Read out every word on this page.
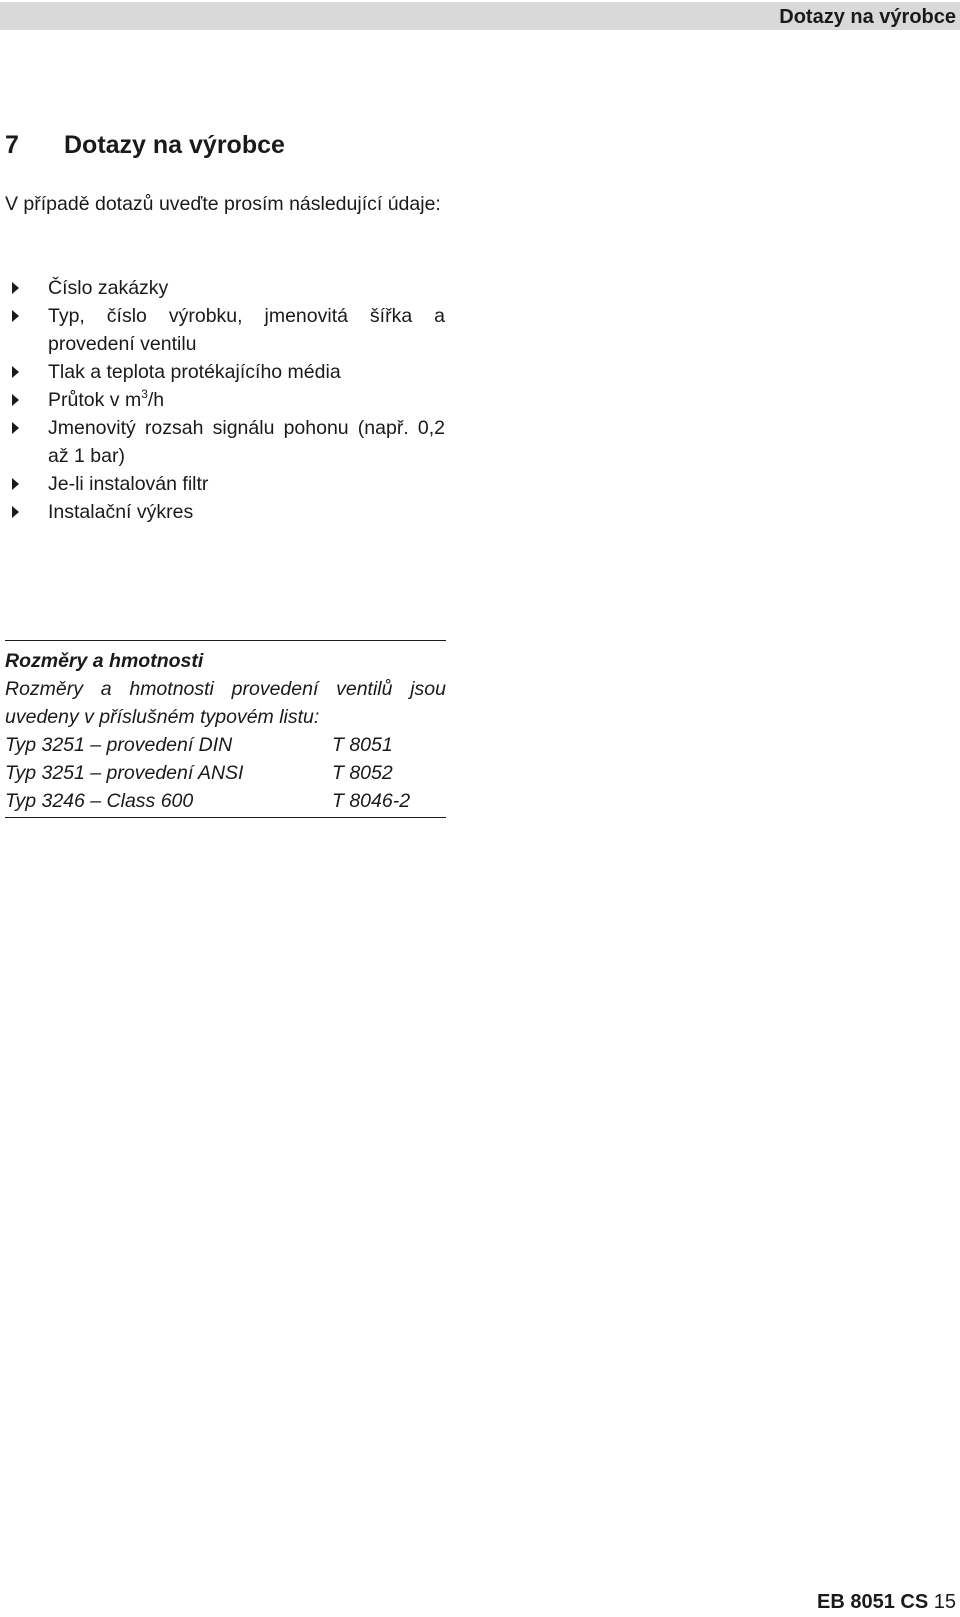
Dotazy na výrobce
7 Dotazy na výrobce

V případě dotazů uveďte prosím následující údaje:

Číslo zakázky
Typ, číslo výrobku, jmenovitá šířka a provedení ventilu
Tlak a teplota protékajícího média
Průtok v $m^3/h$
Jmenovitý rozsah signálu pohonu (např. 0,2 až 1 bar)
Je-li instalován filtr
Instalační výkres
Rozměry a hmotnosti
Rozměry a hmotnosti provedení ventilů jsou uvedeny v příslušném typovém listu:
Typ 3251 – provedení DIN	T 8051
Typ 3251 – provedení ANSI	T 8052
Typ 3246 – Class 600	T 8046-2
EB 8051 CS 15
